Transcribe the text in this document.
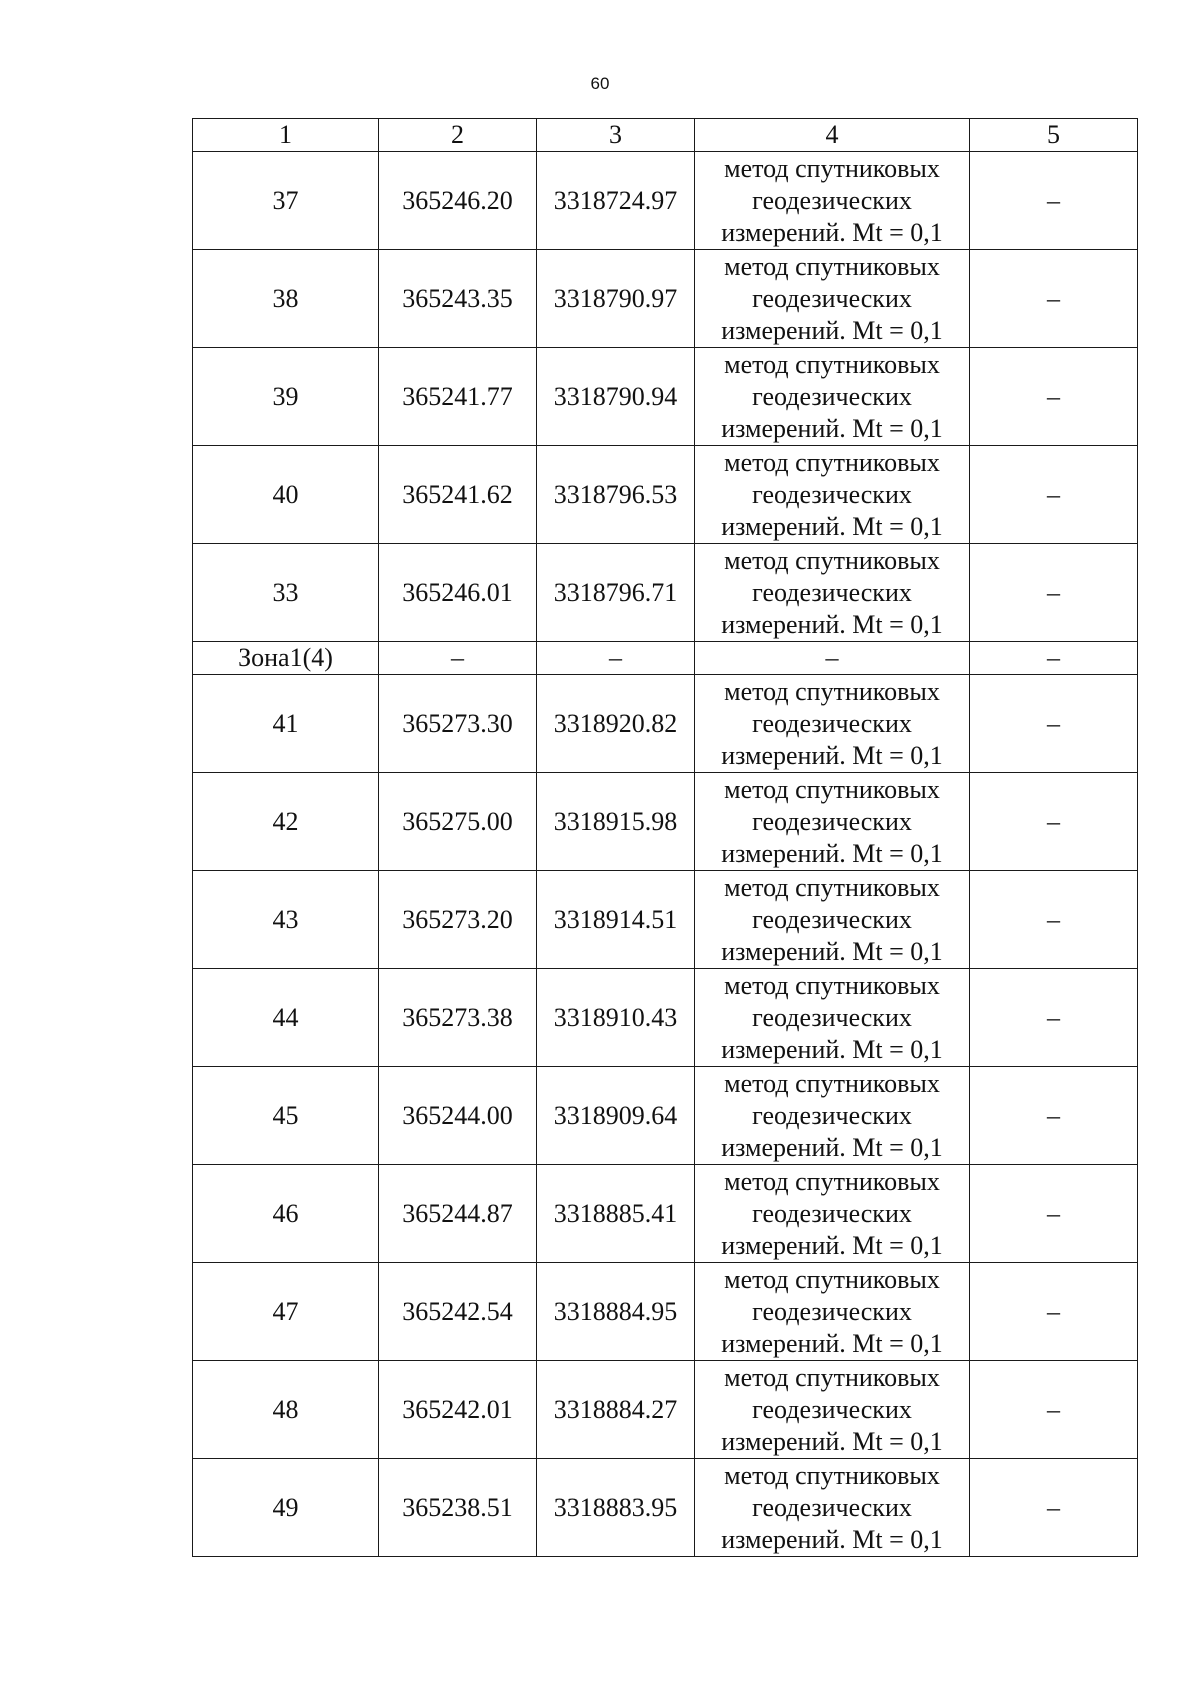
60
1	2	3	4	5
37	365246.20	3318724.97	метод спутниковых
геодезических
измерений. Mt = 0,1	–
38	365243.35	3318790.97	метод спутниковых
геодезических
измерений. Mt = 0,1	–
39	365241.77	3318790.94	метод спутниковых
геодезических
измерений. Mt = 0,1	–
40	365241.62	3318796.53	метод спутниковых
геодезических
измерений. Mt = 0,1	–
33	365246.01	3318796.71	метод спутниковых
геодезических
измерений. Mt = 0,1	–
Зона1(4)	–	–	–	–
41	365273.30	3318920.82	метод спутниковых
геодезических
измерений. Mt = 0,1	–
42	365275.00	3318915.98	метод спутниковых
геодезических
измерений. Mt = 0,1	–
43	365273.20	3318914.51	метод спутниковых
геодезических
измерений. Mt = 0,1	–
44	365273.38	3318910.43	метод спутниковых
геодезических
измерений. Mt = 0,1	–
45	365244.00	3318909.64	метод спутниковых
геодезических
измерений. Mt = 0,1	–
46	365244.87	3318885.41	метод спутниковых
геодезических
измерений. Mt = 0,1	–
47	365242.54	3318884.95	метод спутниковых
геодезических
измерений. Mt = 0,1	–
48	365242.01	3318884.27	метод спутниковых
геодезических
измерений. Mt = 0,1	–
49	365238.51	3318883.95	метод спутниковых
геодезических
измерений. Mt = 0,1	–
